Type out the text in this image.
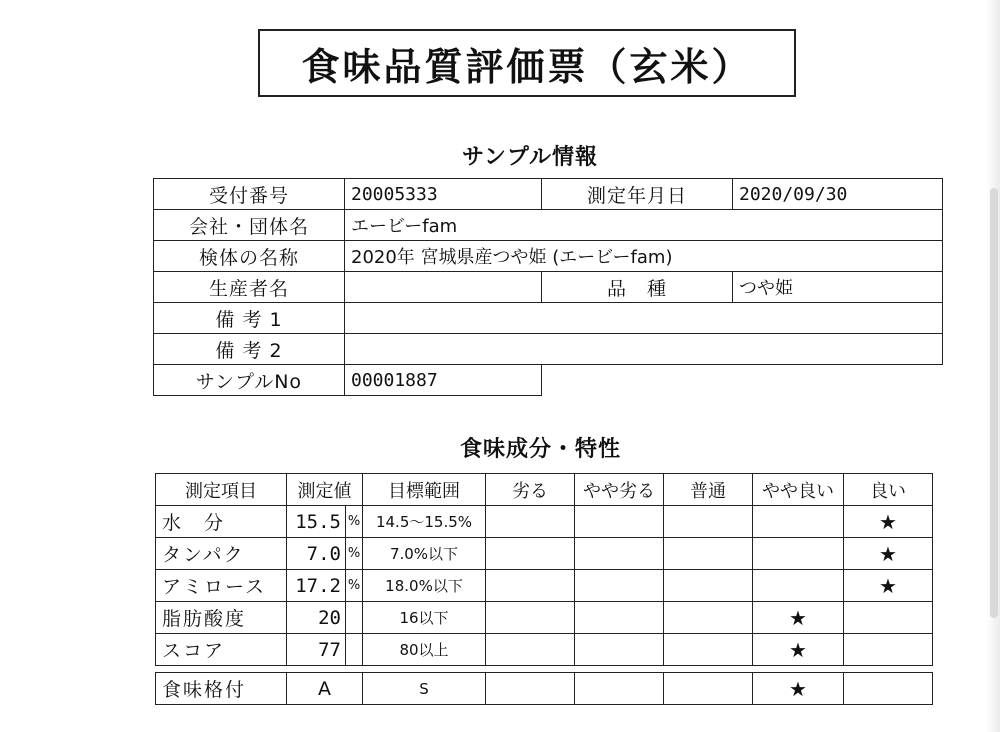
食味品質評価票（玄米）
サンプル情報
受付番号	20005333	測定年月日	2020/09/30
会社・団体名	エービーfam		
検体の名称	2020年 宮城県産つや姫 (エービーfam)		
生産者名		品　種	つや姫
備 考 1			
備 考 2			
サンプルNo	00001887		
食味成分・特性
測定項目	測定値		目標範囲	劣る	やや劣る	普通	やや良い	良い
水　分	15.5	%	14.5～15.5%					★
タンパク	7.0	%	7.0%以下					★
アミロース	17.2	%	18.0%以下					★
脂肪酸度	20		16以下				★	
スコア	77		80以上				★	

食味格付	A		S				★	
